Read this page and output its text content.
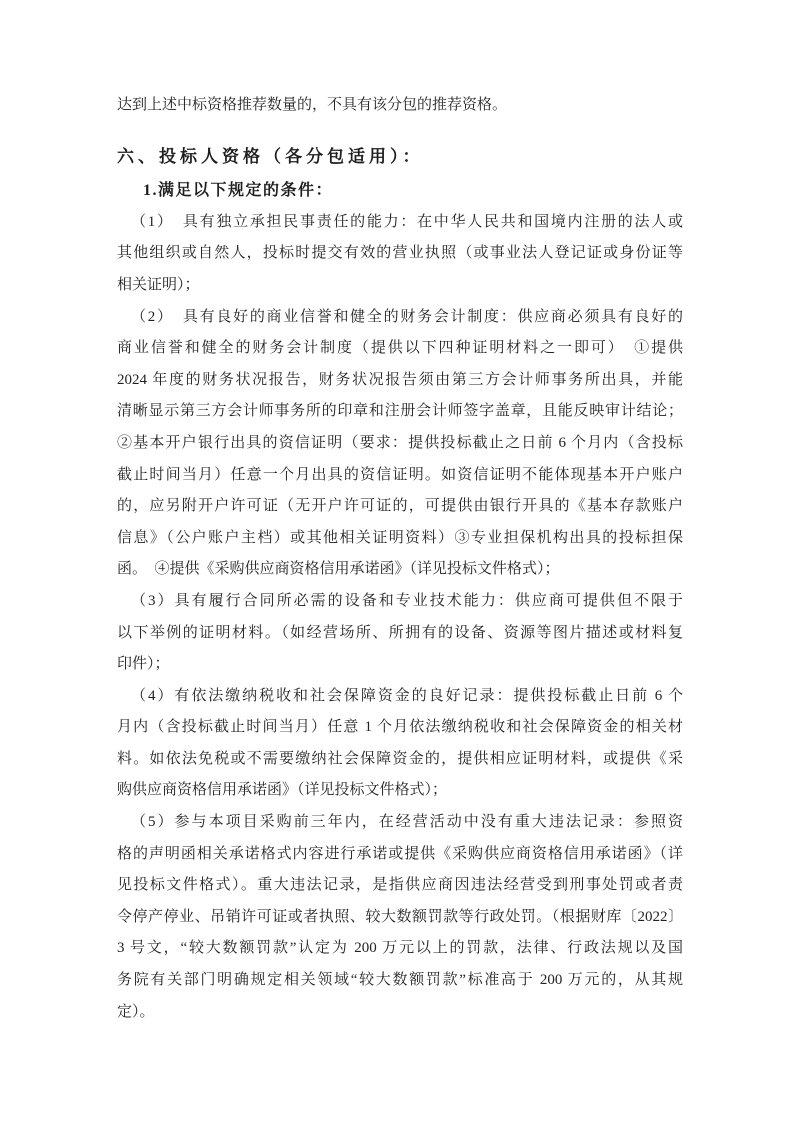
达到上述中标资格推荐数量的，不具有该分包的推荐资格。
六、投标人资格（各分包适用）：
1.满足以下规定的条件：
（1）　具有独立承担民事责任的能力：在中华人民共和国境内注册的法人或
其他组织或自然人，投标时提交有效的营业执照（或事业法人登记证或身份证等
相关证明）；
（2）　具有良好的商业信誉和健全的财务会计制度：供应商必须具有良好的
商业信誉和健全的财务会计制度（提供以下四种证明材料之一即可）　①提供
2024 年度的财务状况报告，财务状况报告须由第三方会计师事务所出具，并能
清晰显示第三方会计师事务所的印章和注册会计师签字盖章，且能反映审计结论；
②基本开户银行出具的资信证明（要求：提供投标截止之日前 6 个月内（含投标
截止时间当月）任意一个月出具的资信证明。如资信证明不能体现基本开户账户
的，应另附开户许可证（无开户许可证的，可提供由银行开具的《基本存款账户
信息》（公户账户主档）或其他相关证明资料）③专业担保机构出具的投标担保
函。　④提供《采购供应商资格信用承诺函》（详见投标文件格式）；
（3）具有履行合同所必需的设备和专业技术能力：供应商可提供但不限于
以下举例的证明材料。（如经营场所、所拥有的设备、资源等图片描述或材料复
印件）；
（4）有依法缴纳税收和社会保障资金的良好记录：提供投标截止日前 6 个
月内（含投标截止时间当月）任意 1 个月依法缴纳税收和社会保障资金的相关材
料。如依法免税或不需要缴纳社会保障资金的，提供相应证明材料，或提供《采
购供应商资格信用承诺函》（详见投标文件格式）；
（5）参与本项目采购前三年内，在经营活动中没有重大违法记录：参照资
格的声明函相关承诺格式内容进行承诺或提供《采购供应商资格信用承诺函》（详
见投标文件格式）。重大违法记录，是指供应商因违法经营受到刑事处罚或者责
令停产停业、吊销许可证或者执照、较大数额罚款等行政处罚。（根据财库〔2022〕
3 号文，“较大数额罚款”认定为 200 万元以上的罚款，法律、行政法规以及国
务院有关部门明确规定相关领域“较大数额罚款”标准高于 200 万元的，从其规
定）。
